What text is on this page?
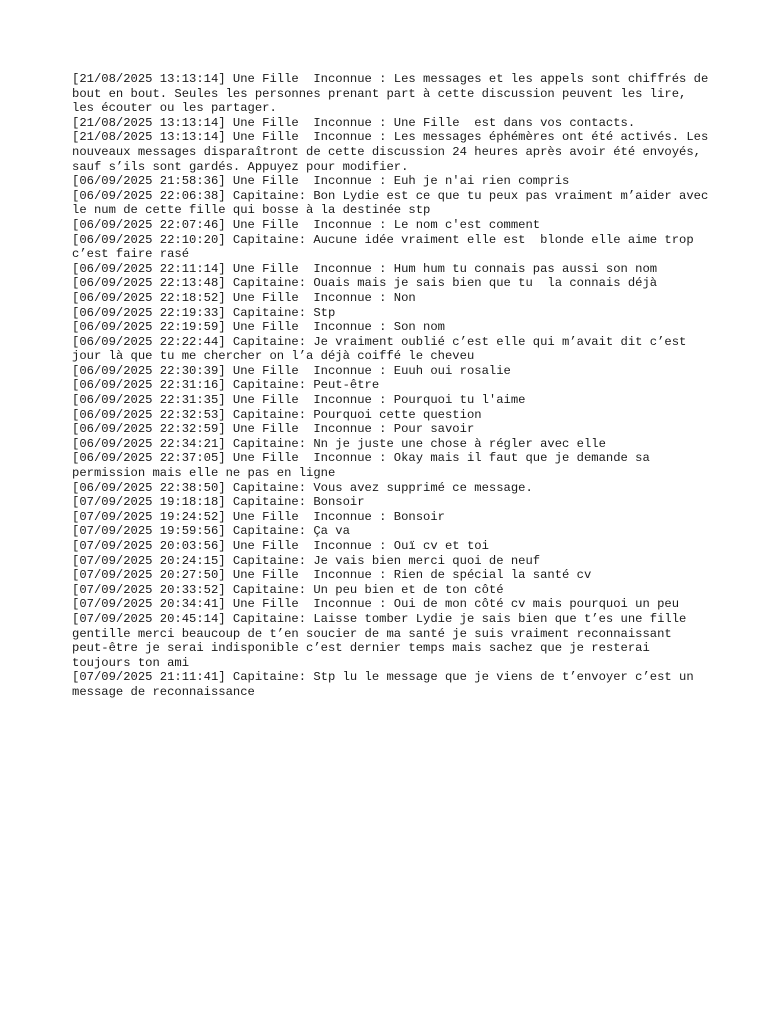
[21/08/2025 13:13:14] Une Fille  Inconnue : Les messages et les appels sont chiffrés de bout en bout. Seules les personnes prenant part à cette discussion peuvent les lire, les écouter ou les partager.

[21/08/2025 13:13:14] Une Fille  Inconnue : Une Fille  est dans vos contacts.

[21/08/2025 13:13:14] Une Fille  Inconnue : Les messages éphémères ont été activés. Les nouveaux messages disparaîtront de cette discussion 24 heures après avoir été envoyés, sauf s’ils sont gardés. Appuyez pour modifier.

[06/09/2025 21:58:36] Une Fille  Inconnue : Euh je n'ai rien compris

[06/09/2025 22:06:38] Capitaine: Bon Lydie est ce que tu peux pas vraiment m’aider avec le num de cette fille qui bosse à la destinée stp

[06/09/2025 22:07:46] Une Fille  Inconnue : Le nom c'est comment

[06/09/2025 22:10:20] Capitaine: Aucune idée vraiment elle est  blonde elle aime trop c’est faire rasé

[06/09/2025 22:11:14] Une Fille  Inconnue : Hum hum tu connais pas aussi son nom

[06/09/2025 22:13:48] Capitaine: Ouais mais je sais bien que tu  la connais déjà

[06/09/2025 22:18:52] Une Fille  Inconnue : Non

[06/09/2025 22:19:33] Capitaine: Stp

[06/09/2025 22:19:59] Une Fille  Inconnue : Son nom

[06/09/2025 22:22:44] Capitaine: Je vraiment oublié c’est elle qui m’avait dit c’est jour là que tu me chercher on l’a déjà coiffé le cheveu

[06/09/2025 22:30:39] Une Fille  Inconnue : Euuh oui rosalie

[06/09/2025 22:31:16] Capitaine: Peut-être

[06/09/2025 22:31:35] Une Fille  Inconnue : Pourquoi tu l'aime

[06/09/2025 22:32:53] Capitaine: Pourquoi cette question

[06/09/2025 22:32:59] Une Fille  Inconnue : Pour savoir

[06/09/2025 22:34:21] Capitaine: Nn je juste une chose à régler avec elle

[06/09/2025 22:37:05] Une Fille  Inconnue : Okay mais il faut que je demande sa permission mais elle ne pas en ligne

[06/09/2025 22:38:50] Capitaine: Vous avez supprimé ce message.

[07/09/2025 19:18:18] Capitaine: Bonsoir

[07/09/2025 19:24:52] Une Fille  Inconnue : Bonsoir

[07/09/2025 19:59:56] Capitaine: Ça va

[07/09/2025 20:03:56] Une Fille  Inconnue : Ouï cv et toi

[07/09/2025 20:24:15] Capitaine: Je vais bien merci quoi de neuf

[07/09/2025 20:27:50] Une Fille  Inconnue : Rien de spécial la santé cv

[07/09/2025 20:33:52] Capitaine: Un peu bien et de ton côté

[07/09/2025 20:34:41] Une Fille  Inconnue : Oui de mon côté cv mais pourquoi un peu

[07/09/2025 20:45:14] Capitaine: Laisse tomber Lydie je sais bien que t’es une fille gentille merci beaucoup de t’en soucier de ma santé je suis vraiment reconnaissant peut-être je serai indisponible c’est dernier temps mais sachez que je resterai toujours ton ami

[07/09/2025 21:11:41] Capitaine: Stp lu le message que je viens de t’envoyer c’est un message de reconnaissance
